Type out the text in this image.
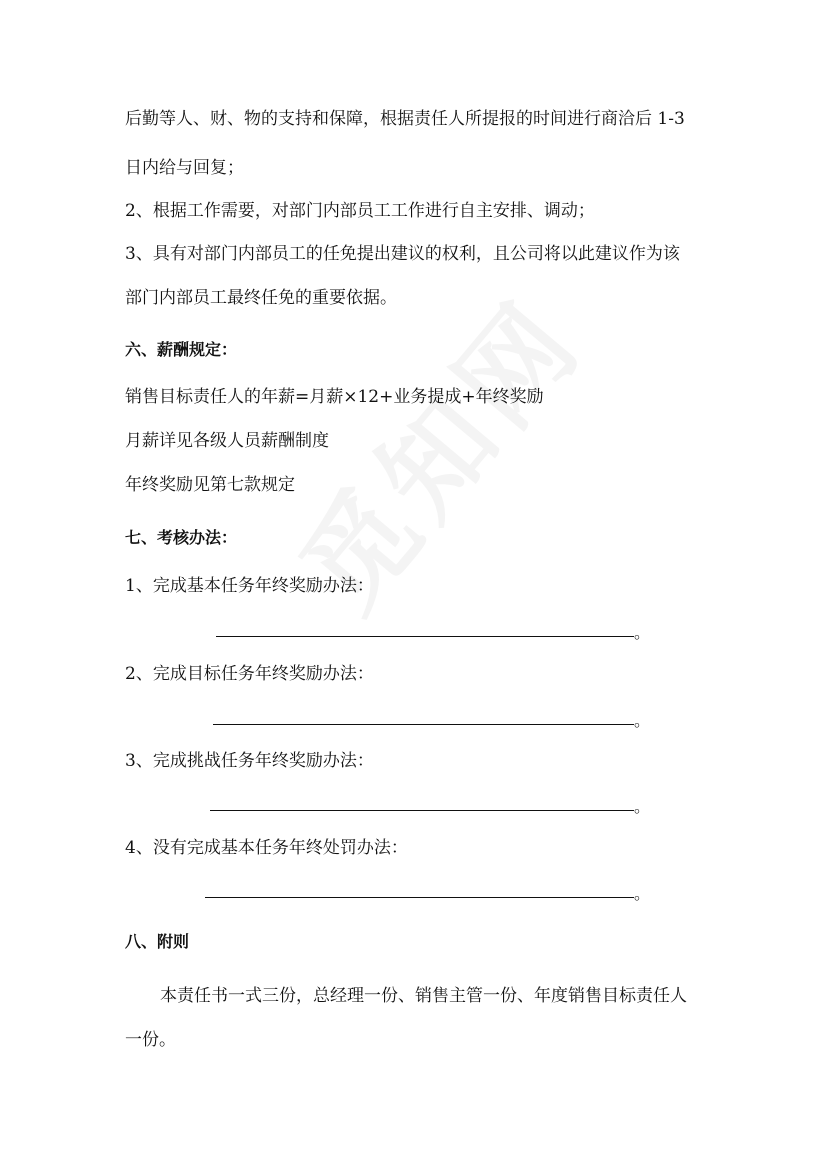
后勤等人、财、物的支持和保障，根据责任人所提报的时间进行商洽后 1-3
日内给与回复；
2、根据工作需要，对部门内部员工工作进行自主安排、调动；
3、具有对部门内部员工的任免提出建议的权利，且公司将以此建议作为该
部门内部员工最终任免的重要依据。
六、薪酬规定：
销售目标责任人的年薪=月薪×12+业务提成+年终奖励
月薪详见各级人员薪酬制度
年终奖励见第七款规定
七、考核办法：
1、完成基本任务年终奖励办法：
。
2、完成目标任务年终奖励办法：
。
3、完成挑战任务年终奖励办法：
。
4、没有完成基本任务年终处罚办法：
。
八、附则
本责任书一式三份，总经理一份、销售主管一份、年度销售目标责任人
一份。
